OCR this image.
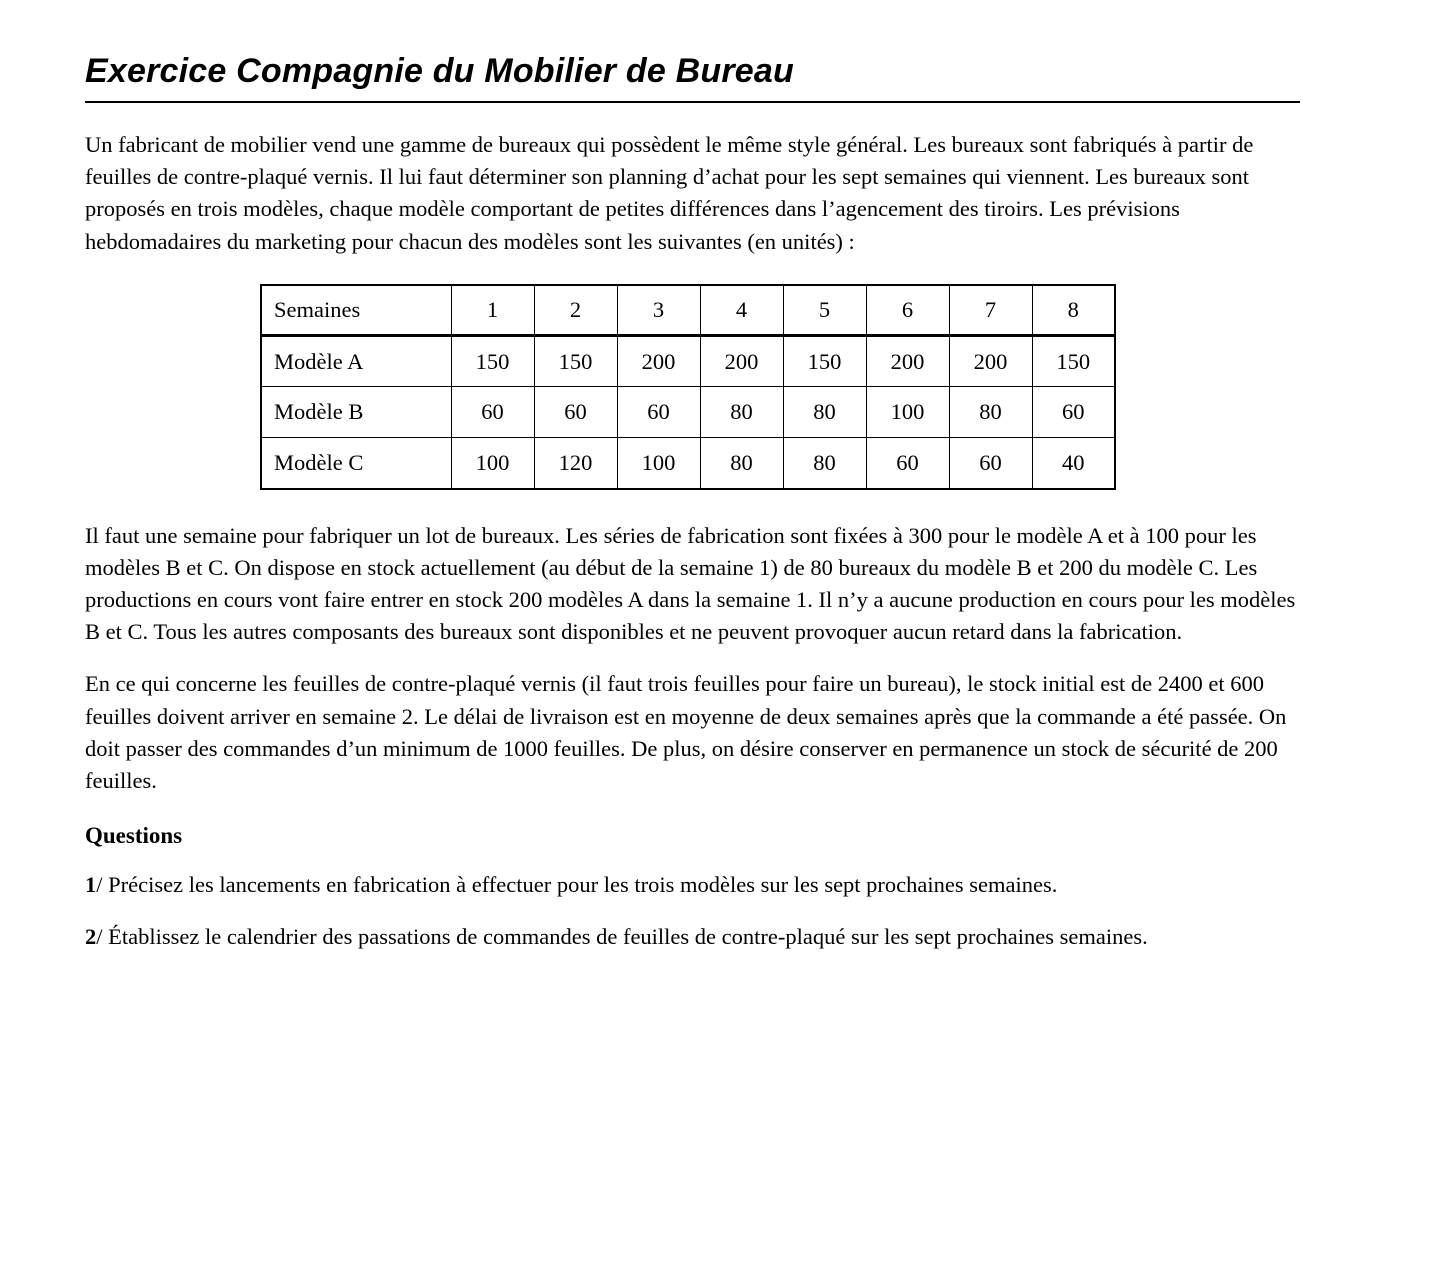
Exercice Compagnie du Mobilier de Bureau

Un fabricant de mobilier vend une gamme de bureaux qui possèdent le même style général. Les bureaux sont fabriqués à partir de feuilles de contre-plaqué vernis. Il lui faut déterminer son planning d’achat pour les sept semaines qui viennent. Les bureaux sont proposés en trois modèles, chaque modèle comportant de petites différences dans l’agencement des tiroirs. Les prévisions hebdomadaires du marketing pour chacun des modèles sont les suivantes (en unités) :

Semaines	1	2	3	4	5	6	7	8
Modèle A	150	150	200	200	150	200	200	150
Modèle B	60	60	60	80	80	100	80	60
Modèle C	100	120	100	80	80	60	60	40

Il faut une semaine pour fabriquer un lot de bureaux. Les séries de fabrication sont fixées à 300 pour le modèle A et à 100 pour les modèles B et C. On dispose en stock actuellement (au début de la semaine 1) de 80 bureaux du modèle B et 200 du modèle C. Les productions en cours vont faire entrer en stock 200 modèles A dans la semaine 1. Il n’y a aucune production en cours pour les modèles B et C. Tous les autres composants des bureaux sont disponibles et ne peuvent provoquer aucun retard dans la fabrication.

En ce qui concerne les feuilles de contre-plaqué vernis (il faut trois feuilles pour faire un bureau), le stock initial est de 2400 et 600 feuilles doivent arriver en semaine 2. Le délai de livraison est en moyenne de deux semaines après que la commande a été passée. On doit passer des commandes d’un minimum de 1000 feuilles. De plus, on désire conserver en permanence un stock de sécurité de 200 feuilles.

Questions

1/ Précisez les lancements en fabrication à effectuer pour les trois modèles sur les sept prochaines semaines.

2/ Établissez le calendrier des passations de commandes de feuilles de contre-plaqué sur les sept prochaines semaines.
